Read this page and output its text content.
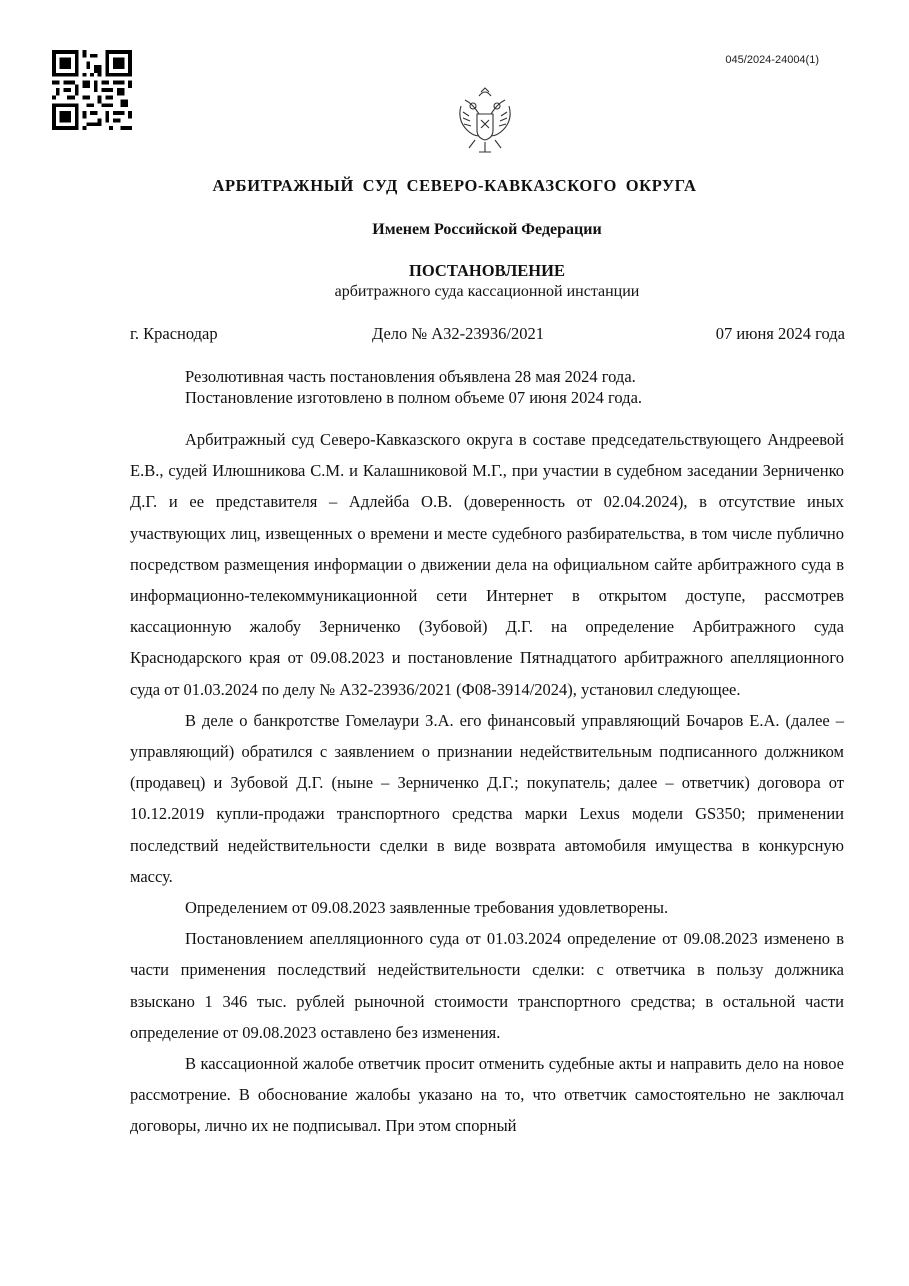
045/2024-24004(1)
АРБИТРАЖНЫЙ СУД СЕВЕРО-КАВКАЗСКОГО ОКРУГА
Именем Российской Федерации
ПОСТАНОВЛЕНИЕ
арбитражного суда кассационной инстанции
г. Краснодар	Дело № А32-23936/2021	07 июня 2024 года
Резолютивная часть постановления объявлена 28 мая 2024 года.
Постановление изготовлено в полном объеме 07 июня 2024 года.

Арбитражный суд Северо-Кавказского округа в составе председательствующего Андреевой Е.В., судей Илюшникова С.М. и Калашниковой М.Г., при участии в судебном заседании Зерниченко Д.Г. и ее представителя – Адлейба О.В. (доверенность от 02.04.2024), в отсутствие иных участвующих лиц, извещенных о времени и месте судебного разбирательства, в том числе публично посредством размещения информации о движении дела на официальном сайте арбитражного суда в информационно-телекоммуникационной сети Интернет в открытом доступе, рассмотрев кассационную жалобу Зерниченко (Зубовой) Д.Г. на определение Арбитражного суда Краснодарского края от 09.08.2023 и постановление Пятнадцатого арбитражного апелляционного суда от 01.03.2024 по делу № А32-23936/2021 (Ф08-3914/2024), установил следующее.

В деле о банкротстве Гомелаури З.А. его финансовый управляющий Бочаров Е.А. (далее – управляющий) обратился с заявлением о признании недействительным подписанного должником (продавец) и Зубовой Д.Г. (ныне – Зерниченко Д.Г.; покупатель; далее – ответчик) договора от 10.12.2019 купли-продажи транспортного средства марки Lexus модели GS350; применении последствий недействительности сделки в виде возврата автомобиля имущества в конкурсную массу.

Определением от 09.08.2023 заявленные требования удовлетворены.

Постановлением апелляционного суда от 01.03.2024 определение от 09.08.2023 изменено в части применения последствий недействительности сделки: с ответчика в пользу должника взыскано 1 346 тыс. рублей рыночной стоимости транспортного средства; в остальной части определение от 09.08.2023 оставлено без изменения.

В кассационной жалобе ответчик просит отменить судебные акты и направить дело на новое рассмотрение. В обоснование жалобы указано на то, что ответчик самостоятельно не заключал договоры, лично их не подписывал. При этом спорный
